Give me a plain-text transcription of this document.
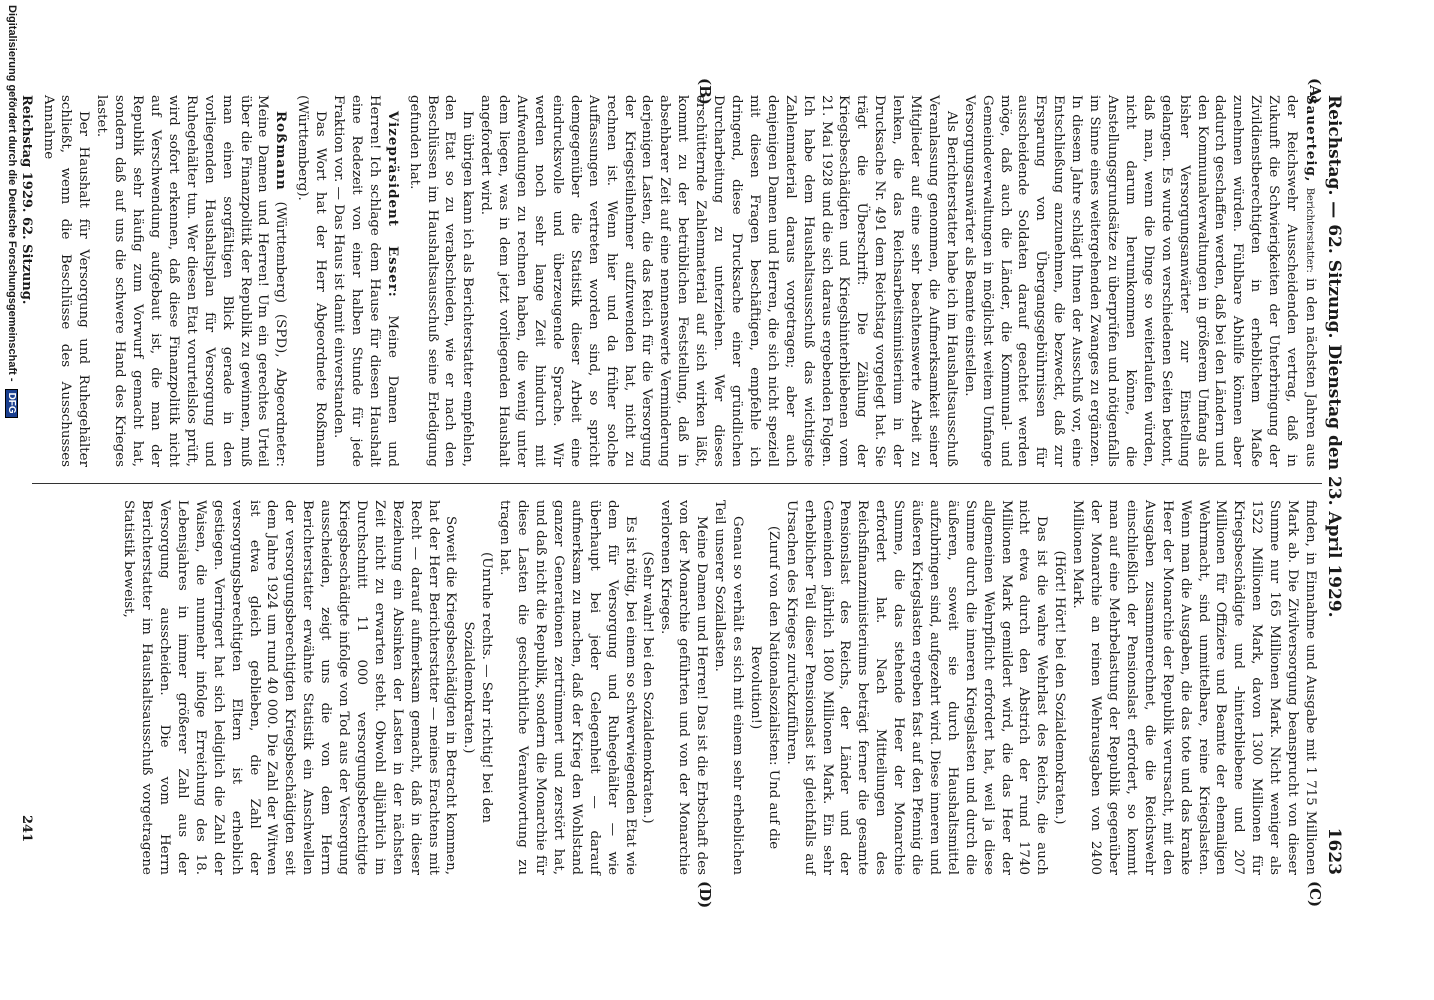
Reichstag. — 62. Sitzung. Dienstag den 23. April 1929.
1623
(A)
(B)
(C)
(D)

Sauerteig, Berichterstatter: in den nächsten Jahren aus der Reichswehr Ausscheidenden vertrag, daß in Zukunft die Schwierigkeiten der Unterbringung der Zivildienstberechtigten in erheblichem Maße zunehmen würden. Fühlbare Abhilfe können aber dadurch geschaffen werden, daß bei den Ländern und den Kommunalverwaltungen in größerem Umfang als bisher Versorgungsanwärter zur Einstellung gelangen. Es wurde von verschiedenen Seiten betont, daß man, wenn die Dinge so weiterlaufen würden, nicht darum herumkommen könne, die Anstellungsgrundsätze zu überprüfen und nötigenfalls im Sinne eines weitergehenden Zwanges zu ergänzen. In diesem Jahre schlägt Ihnen der Ausschuß vor, eine Entschließung anzunehmen, die bezweckt, daß zur Ersparung von Übergangsgebührnissen für ausscheidende Soldaten darauf geachtet werden möge, daß auch die Länder, die Kommunal- und Gemeindeverwaltungen in möglichst weitem Umfange Versorgungsanwärter als Beamte einstellen.

Als Berichterstatter habe ich im Haushaltsausschuß Veranlassung genommen, die Aufmerksamkeit seiner Mitglieder auf eine sehr beachtenswerte Arbeit zu lenken, die das Reichsarbeitsministerium in der Drucksache Nr. 491 dem Reichstag vorgelegt hat. Sie trägt die Überschrift: Die Zählung der Kriegsbeschädigten und Kriegshinterbliebenen vom 21. Mai 1928 und die sich daraus ergebenden Folgen. Ich habe dem Haushaltsausschuß das wichtigste Zahlenmaterial daraus vorgetragen; aber auch denjenigen Damen und Herren, die sich nicht speziell mit diesen Fragen beschäftigen, empfehle ich dringend, diese Drucksache einer gründlichen Durcharbeitung zu unterziehen. Wer dieses erschütternde Zahlenmaterial auf sich wirken läßt, kommt zu der betrüblichen Feststellung, daß in absehbarer Zeit auf eine nennenswerte Verminderung derjenigen Lasten, die das Reich für die Versorgung der Kriegsteilnehmer aufzuwenden hat, nicht zu rechnen ist. Wenn hier und da früher solche Auffassungen vertreten worden sind, so spricht demgegenüber die Statistik dieser Arbeit eine eindrucksvolle und überzeugende Sprache. Wir werden noch sehr lange Zeit hindurch mit Aufwendungen zu rechnen haben, die wenig unter dem liegen, was in dem jetzt vorliegenden Haushalt angefordert wird.

Im übrigen kann ich als Berichterstatter empfehlen, den Etat so zu verabschieden, wie er nach den Beschlüssen im Haushaltsausschuß seine Erledigung gefunden hat.

Vizepräsident Esser: Meine Damen und Herren! Ich schlage dem Hause für diesen Haushalt eine Redezeit von einer halben Stunde für jede Fraktion vor. — Das Haus ist damit einverstanden.

Das Wort hat der Herr Abgeordnete Roßmann (Württemberg).

Roßmann (Württemberg) (SPD), Abgeordneter: Meine Damen und Herren! Um ein gerechtes Urteil über die Finanzpolitik der Republik zu gewinnen, muß man einen sorgfältigen Blick gerade in den vorliegenden Haushaltsplan für Versorgung und Ruhegehälter tun. Wer diesen Etat vorurteilslos prüft, wird sofort erkennen, daß diese Finanzpolitik nicht auf Verschwendung aufgebaut ist, die man der Republik sehr häufig zum Vorwurf gemacht hat, sondern daß auf uns die schwere Hand des Krieges lastet.

Der Haushalt für Versorgung und Ruhegehälter schließt, wenn die Beschlüsse des Ausschusses Annahme

finden, in Einnahme und Ausgabe mit 1 715 Millionen Mark ab. Die Zivilversorgung beansprucht von dieser Summe nur 165 Millionen Mark. Nicht weniger als 1522 Millionen Mark, davon 1300 Millionen für Kriegsbeschädigte und -hinterbliebene und 207 Millionen für Offiziere und Beamte der ehemaligen Wehrmacht, sind unmittelbare, reine Kriegslasten. Wenn man die Ausgaben, die das tote und das kranke Heer der Monarchie der Republik verursacht, mit den Ausgaben zusammenrechnet, die die Reichswehr einschließlich der Pensionslast erfordert, so kommt man auf eine Mehrbelastung der Republik gegenüber der Monarchie an reinen Wehrausgaben von 2400 Millionen Mark.

(Hört! Hört! bei den Sozialdemokraten.)

Das ist die wahre Wehrlast des Reichs, die auch nicht etwa durch den Abstrich der rund 1740 Millionen Mark gemildert wird, die das Heer der allgemeinen Wehrpflicht erfordert hat, weil ja diese Summe durch die inneren Kriegslasten und durch die äußeren, soweit sie durch Haushaltsmittel aufzubringen sind, aufgezehrt wird. Diese inneren und äußeren Kriegslasten ergeben fast auf den Pfennig die Summe, die das stehende Heer der Monarchie erfordert hat. Nach Mitteilungen des Reichsfinanzministeriums beträgt ferner die gesamte Pensionslast des Reichs, der Länder und der Gemeinden jährlich 1800 Millionen Mark. Ein sehr erheblicher Teil dieser Pensionslast ist gleichfalls auf Ursachen des Krieges zurückzuführen.

(Zuruf von den Nationalsozialisten: Und auf die Revolution!)

Genau so verhält es sich mit einem sehr erheblichen Teil unserer Soziallasten.

Meine Damen und Herren! Das ist die Erbschaft des von der Monarchie geführten und von der Monarchie verlorenen Krieges.

(Sehr wahr! bei den Sozialdemokraten.)

Es ist nötig, bei einem so schwerwiegenden Etat wie dem für Versorgung und Ruhegehälter — wie überhaupt bei jeder Gelegenheit — darauf aufmerksam zu machen, daß der Krieg den Wohlstand ganzer Generationen zertrümmert und zerstört hat, und daß nicht die Republik, sondern die Monarchie für diese Lasten die geschichtliche Verantwortung zu tragen hat.

(Unruhe rechts. — Sehr richtig! bei den Sozialdemokraten.)

Soweit die Kriegsbeschädigten in Betracht kommen, hat der Herr Berichterstatter — meines Erachtens mit Recht — darauf aufmerksam gemacht, daß in dieser Beziehung ein Absinken der Lasten in der nächsten Zeit nicht zu erwarten steht. Obwohl alljährlich im Durchschnitt 11 000 versorgungsberechtigte Kriegsbeschädigte infolge von Tod aus der Versorgung ausscheiden, zeigt uns die von dem Herrn Berichterstatter erwähnte Statistik ein Anschwellen der versorgungsberechtigten Kriegsbeschädigten seit dem Jahre 1924 um rund 40 000. Die Zahl der Witwen ist etwa gleich geblieben, die Zahl der versorgungsberechtigten Eltern ist erheblich gestiegen. Verringert hat sich lediglich die Zahl der Waisen, die nunmehr infolge Erreichung des 18. Lebensjahres in immer größerer Zahl aus der Versorgung ausscheiden. Die vom Herrn Berichterstatter im Haushaltsausschuß vorgetragene Statistik beweist,

Reichstag 1929. 62. Sitzung.
241
Digitalisierung gefördert durch die Deutsche Forschungsgemeinschaft - DFG
